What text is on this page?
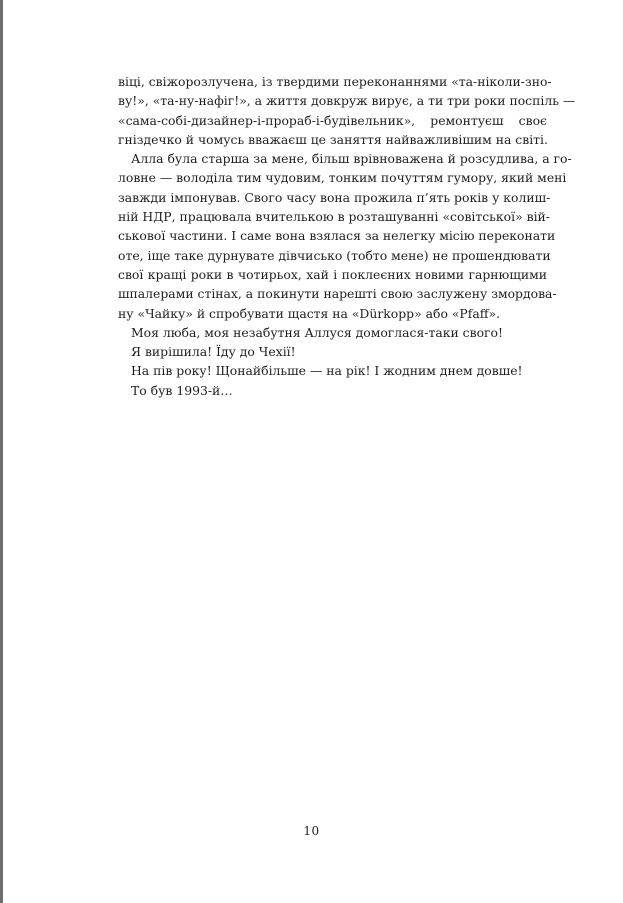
віці, свіжорозлучена, із твердими переконаннями «та-ніколи-зно-
ву!», «та-ну-нафіг!», а життя довкруж вирує, а ти три роки поспіль —
«сама-собі-дизайнер-і-прораб-і-будівельник», ремонтуєш своє
гніздечко й чомусь вважаєш це заняття найважливішим на світі.
Алла була старша за мене, більш врівноважена й розсудлива, а го-
ловне — володіла тим чудовим, тонким почуттям гумору, який мені
завжди імпонував. Свого часу вона прожила п’ять років у колиш-
ній НДР, працювала вчителькою в розташуванні «совітської» вій-
ськової частини. І саме вона взялася за нелегку місію переконати
оте, іще таке дурнувате дівчисько (тобто мене) не прошендювати
свої кращі роки в чотирьох, хай і поклеєних новими гарнющими
шпалерами стінах, а покинути нарешті свою заслужену змордова-
ну «Чайку» й спробувати щастя на «Dürkopp» або «Pfaff».
Моя люба, моя незабутня Аллуся домоглася-таки свого!
Я вирішила! Їду до Чехії!
На пів року! Щонайбільше — на рік! І жодним днем довше!
То був 1993-й…
10
